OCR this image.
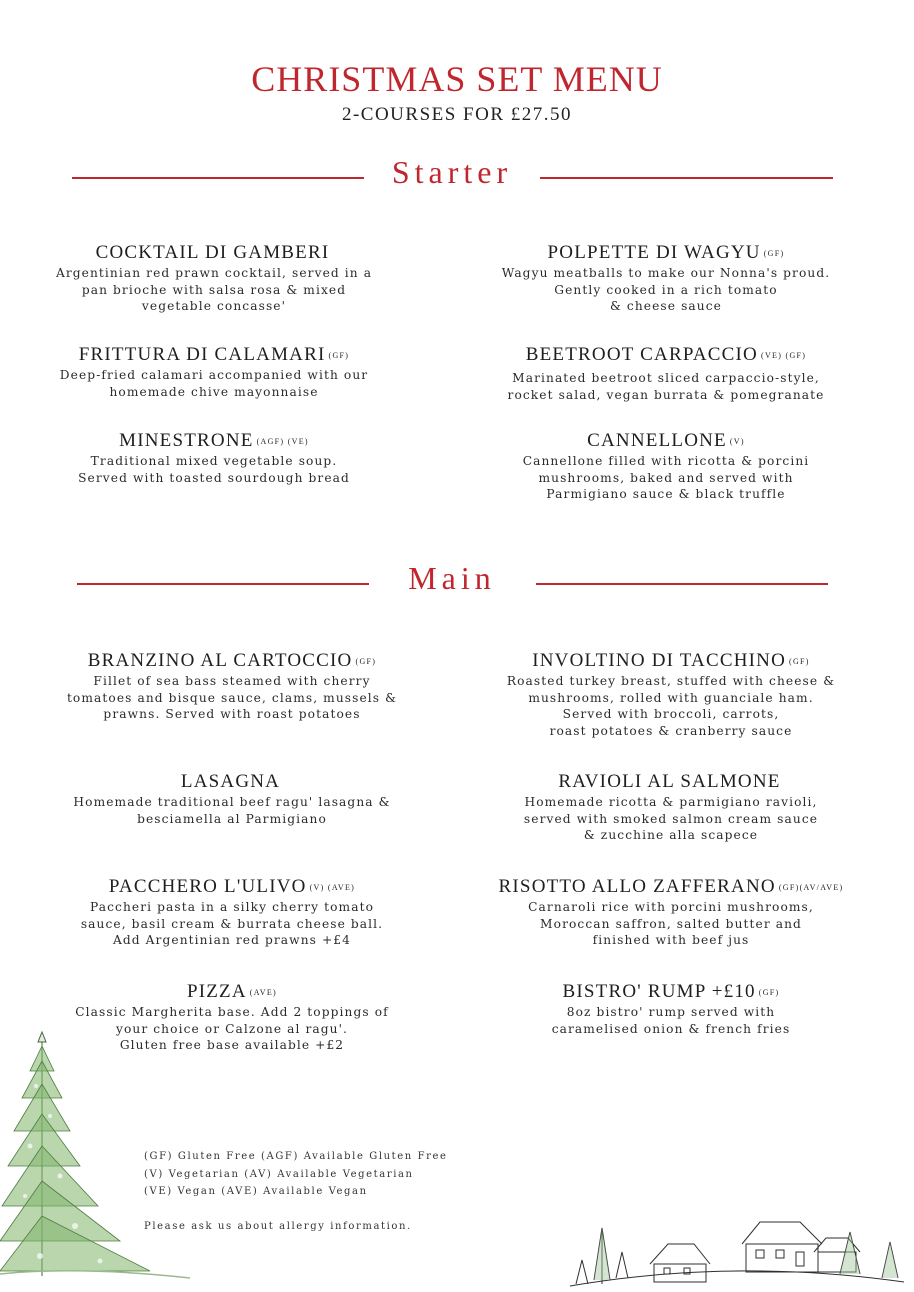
CHRISTMAS SET MENU
2-COURSES FOR £27.50
Starter
COCKTAIL DI GAMBERI
Argentinian red prawn cocktail, served in a
pan brioche with salsa rosa & mixed
vegetable concasse'
POLPETTE DI WAGYU (GF)
Wagyu meatballs to make our Nonna's proud.
Gently cooked in a rich tomato
& cheese sauce
FRITTURA DI CALAMARI (GF)
Deep-fried calamari accompanied with our
homemade chive mayonnaise
BEETROOT CARPACCIO (VE) (GF)
Marinated beetroot sliced carpaccio-style,
rocket salad, vegan burrata & pomegranate
MINESTRONE (AGF) (VE)
Traditional mixed vegetable soup.
Served with toasted sourdough bread
CANNELLONE (V)
Cannellone filled with ricotta & porcini
mushrooms, baked and served with
Parmigiano sauce & black truffle
Main
BRANZINO AL CARTOCCIO (GF)
Fillet of sea bass steamed with cherry
tomatoes and bisque sauce, clams, mussels &
prawns. Served with roast potatoes
INVOLTINO DI TACCHINO (GF)
Roasted turkey breast, stuffed with cheese &
mushrooms, rolled with guanciale ham.
Served with broccoli, carrots,
roast potatoes & cranberry sauce
LASAGNA
Homemade traditional beef ragu' lasagna &
besciamella al Parmigiano
RAVIOLI AL SALMONE
Homemade ricotta & parmigiano ravioli,
served with smoked salmon cream sauce
& zucchine alla scapece
PACCHERO L'ULIVO (V) (AVE)
Paccheri pasta in a silky cherry tomato
sauce, basil cream & burrata cheese ball.
Add Argentinian red prawns +£4
RISOTTO ALLO ZAFFERANO (GF)(AV/AVE)
Carnaroli rice with porcini mushrooms,
Moroccan saffron, salted butter and
finished with beef jus
PIZZA (AVE)
Classic Margherita base. Add 2 toppings of
your choice or Calzone al ragu'.
Gluten free base available +£2
BISTRO' RUMP +£10 (GF)
8oz bistro' rump served with
caramelised onion & french fries
(GF) Gluten Free (AGF) Available Gluten Free
(V) Vegetarian (AV) Available Vegetarian
(VE) Vegan (AVE) Available Vegan
Please ask us about allergy information.
